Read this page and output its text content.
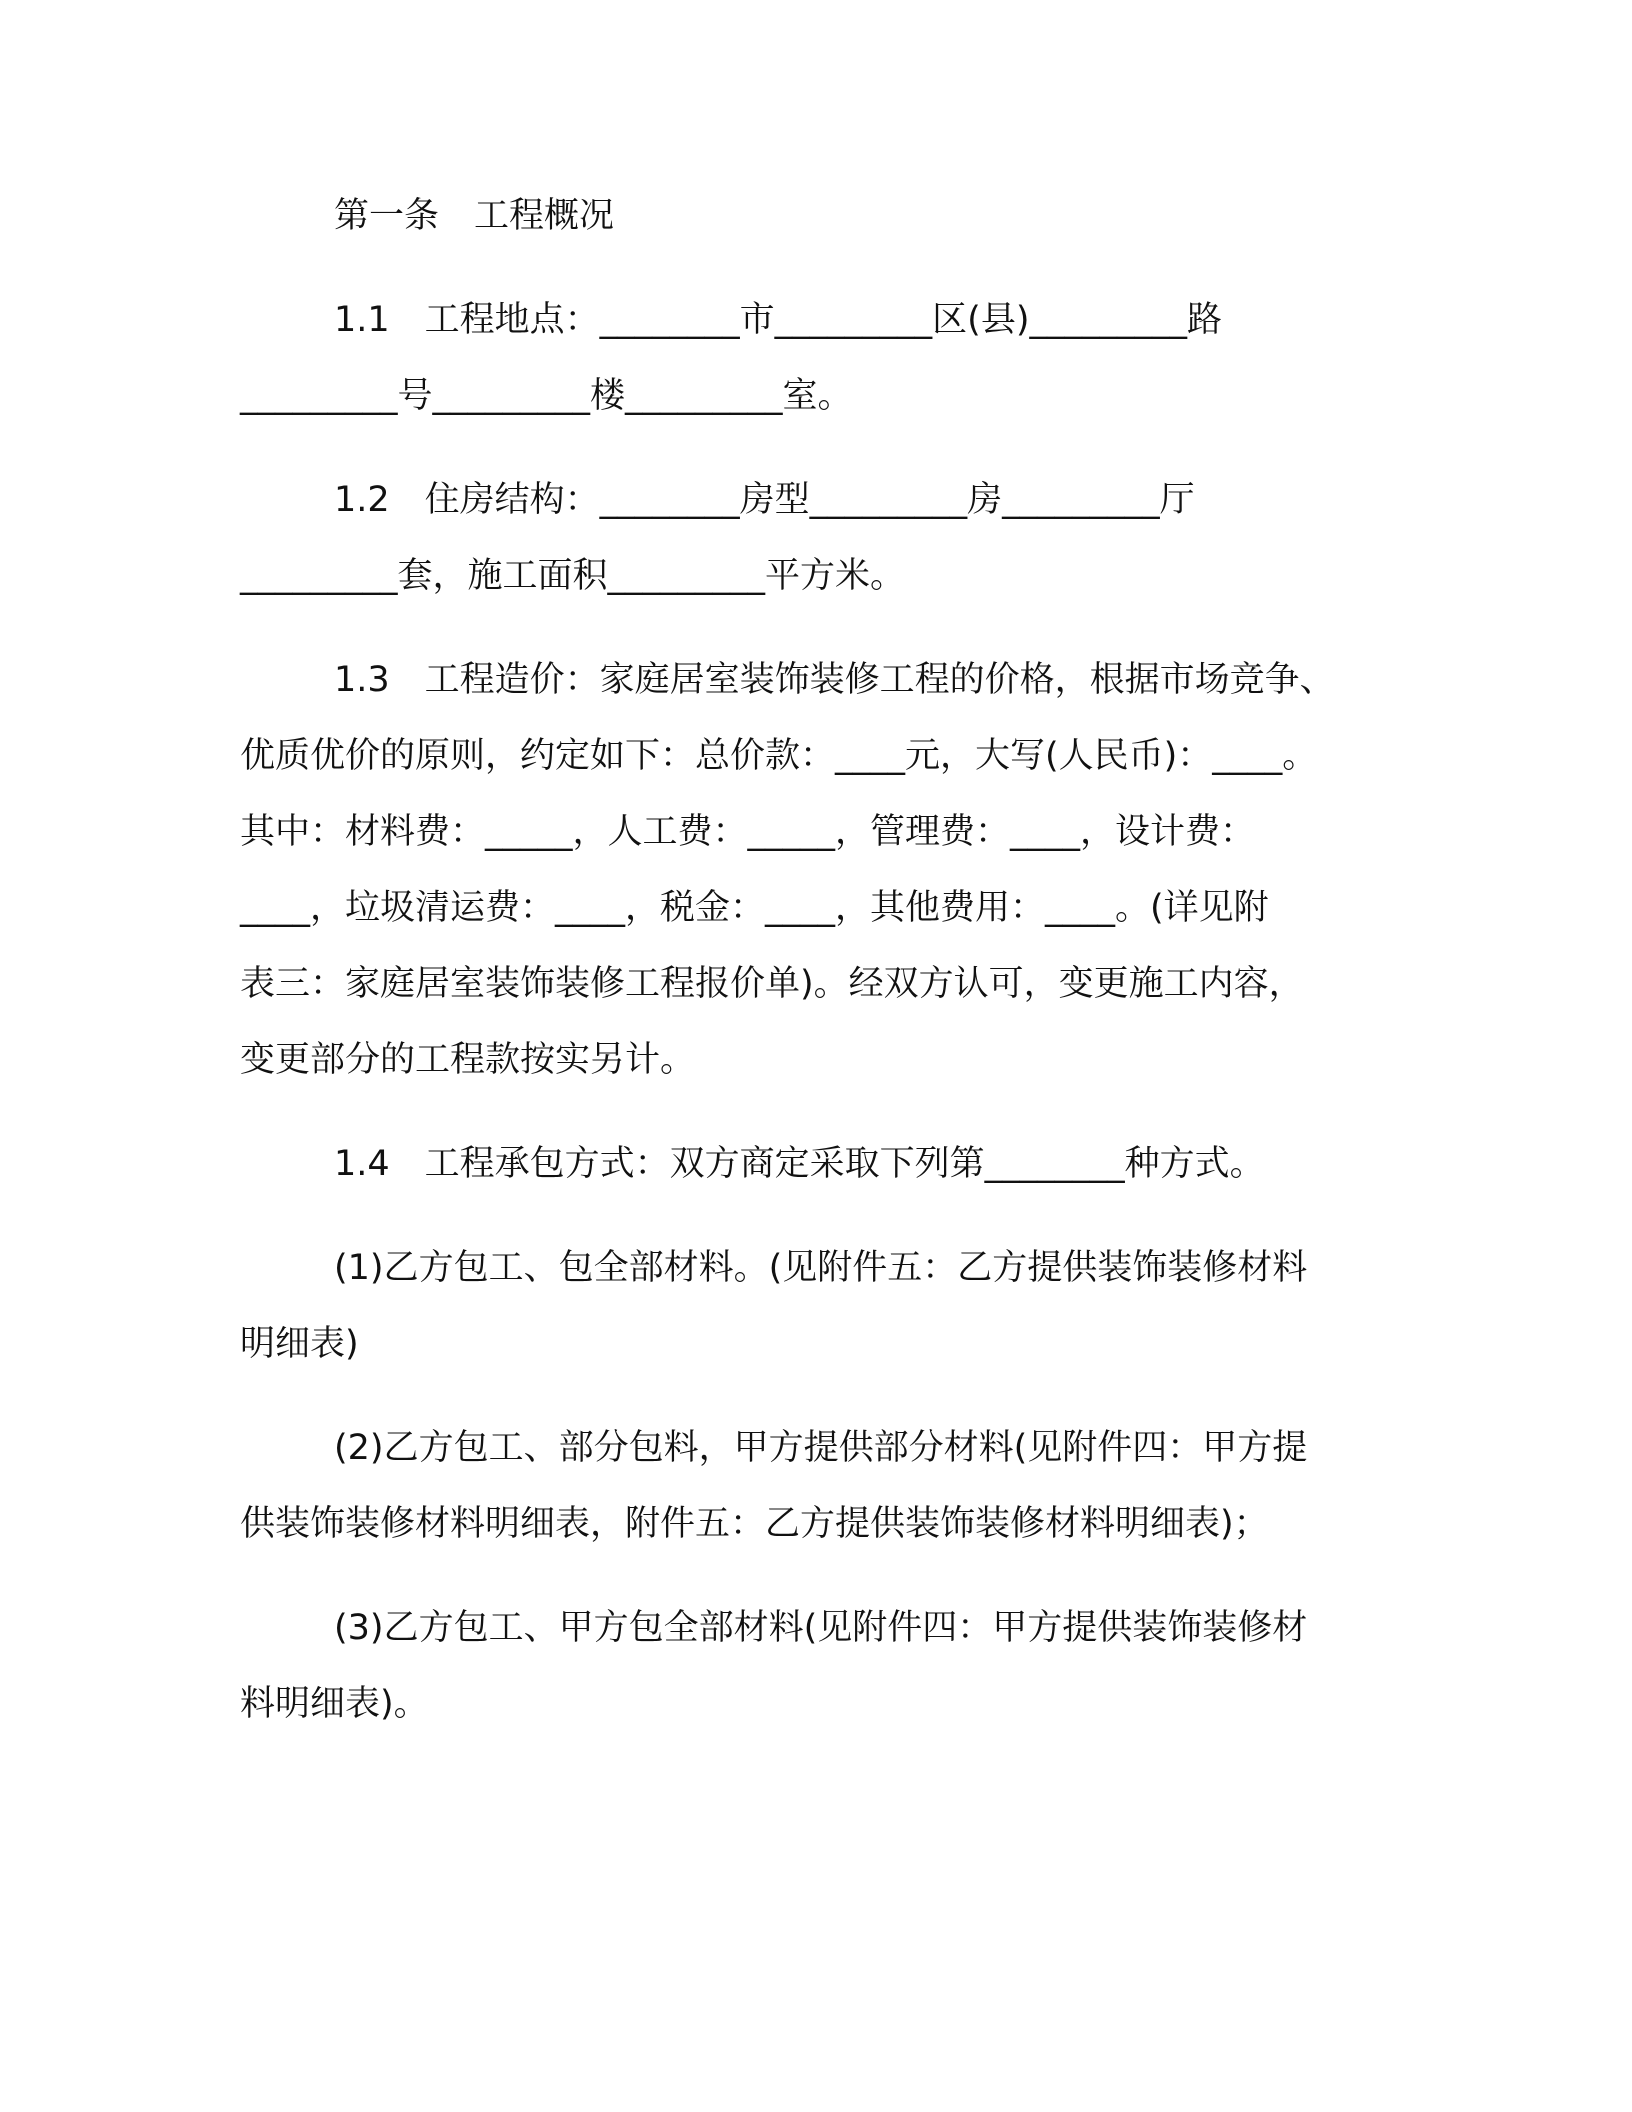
第一条　工程概况
1.1　工程地点：________市_________区(县)_________路
_________号_________楼_________室。
1.2　住房结构：________房型_________房_________厅
_________套，施工面积_________平方米。
1.3　工程造价：家庭居室装饰装修工程的价格，根据市场竞争、
优质优价的原则，约定如下：总价款：____元，大写(人民币)：____。
其中：材料费：_____，人工费：_____，管理费：____，设计费：
____，垃圾清运费：____，税金：____，其他费用：____。(详见附
表三：家庭居室装饰装修工程报价单)。经双方认可，变更施工内容，
变更部分的工程款按实另计。
1.4　工程承包方式：双方商定采取下列第________种方式。
(1)乙方包工、包全部材料。(见附件五：乙方提供装饰装修材料
明细表)
(2)乙方包工、部分包料，甲方提供部分材料(见附件四：甲方提
供装饰装修材料明细表，附件五：乙方提供装饰装修材料明细表)；
(3)乙方包工、甲方包全部材料(见附件四：甲方提供装饰装修材
料明细表)。
